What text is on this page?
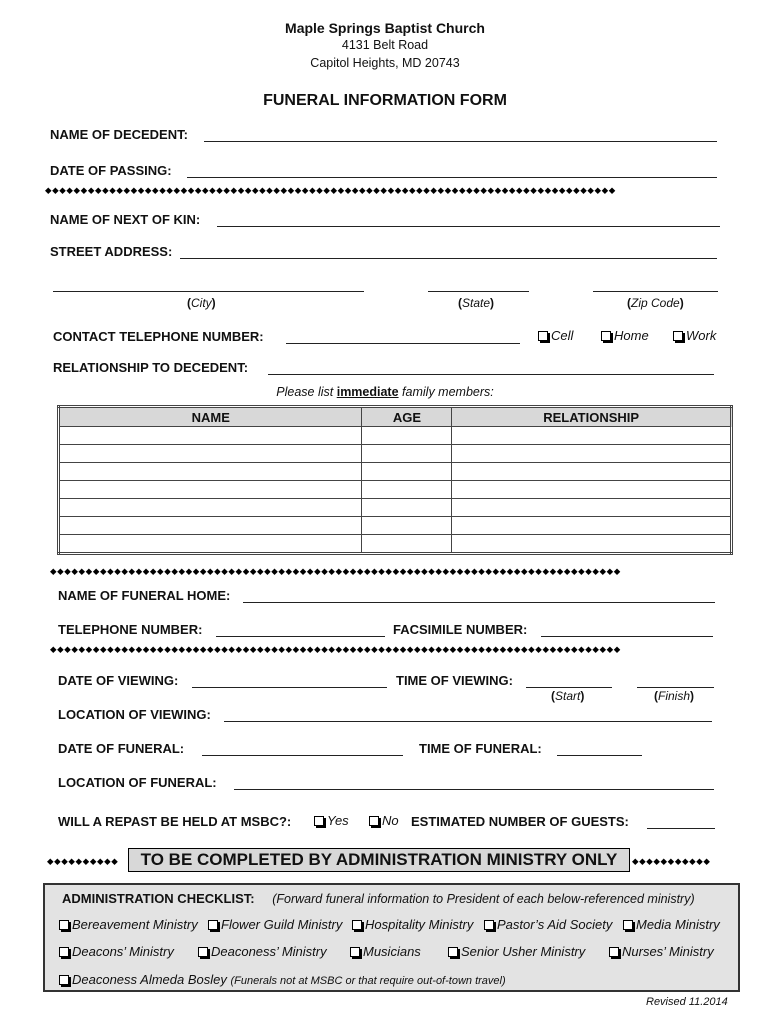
Maple Springs Baptist Church
4131 Belt Road
Capitol Heights, MD 20743
FUNERAL INFORMATION FORM
NAME OF DECEDENT:
DATE OF PASSING:
◆◆◆◆◆◆◆◆◆◆◆◆◆◆◆◆◆◆◆◆◆◆◆◆◆◆◆◆◆◆◆◆◆◆◆◆◆◆◆◆◆◆◆◆◆◆◆◆◆◆◆◆◆◆◆◆◆◆◆◆◆◆◆◆◆◆◆◆◆◆◆◆◆◆◆◆◆◆◆◆
NAME OF NEXT OF KIN:
STREET ADDRESS:
(City)	(State)	(Zip Code)
CONTACT TELEPHONE NUMBER:	Cell	Home	Work
RELATIONSHIP TO DECEDENT:
Please list immediate family members:
NAME	AGE	RELATIONSHIP

◆◆◆◆◆◆◆◆◆◆◆◆◆◆◆◆◆◆◆◆◆◆◆◆◆◆◆◆◆◆◆◆◆◆◆◆◆◆◆◆◆◆◆◆◆◆◆◆◆◆◆◆◆◆◆◆◆◆◆◆◆◆◆◆◆◆◆◆◆◆◆◆◆◆◆◆◆◆◆◆
NAME OF FUNERAL HOME:
TELEPHONE NUMBER:	FACSIMILE NUMBER:
◆◆◆◆◆◆◆◆◆◆◆◆◆◆◆◆◆◆◆◆◆◆◆◆◆◆◆◆◆◆◆◆◆◆◆◆◆◆◆◆◆◆◆◆◆◆◆◆◆◆◆◆◆◆◆◆◆◆◆◆◆◆◆◆◆◆◆◆◆◆◆◆◆◆◆◆◆◆◆◆
DATE OF VIEWING:	TIME OF VIEWING:
(Start)	(Finish)
LOCATION OF VIEWING:
DATE OF FUNERAL:	TIME OF FUNERAL:
LOCATION OF FUNERAL:
WILL A REPAST BE HELD AT MSBC?:	Yes	No ESTIMATED NUMBER OF GUESTS:
◆◆◆◆◆◆◆◆◆◆	TO BE COMPLETED BY ADMINISTRATION MINISTRY ONLY	◆◆◆◆◆◆◆◆◆◆◆
ADMINISTRATION CHECKLIST: (Forward funeral information to President of each below-referenced ministry)
Bereavement Ministry	Flower Guild Ministry	Hospitality Ministry	Pastor’s Aid Society	Media Ministry
Deacons’ Ministry	Deaconess’ Ministry	Musicians	Senior Usher Ministry	Nurses’ Ministry
Deaconess Almeda Bosley (Funerals not at MSBC or that require out-of-town travel)
Revised 11.2014
